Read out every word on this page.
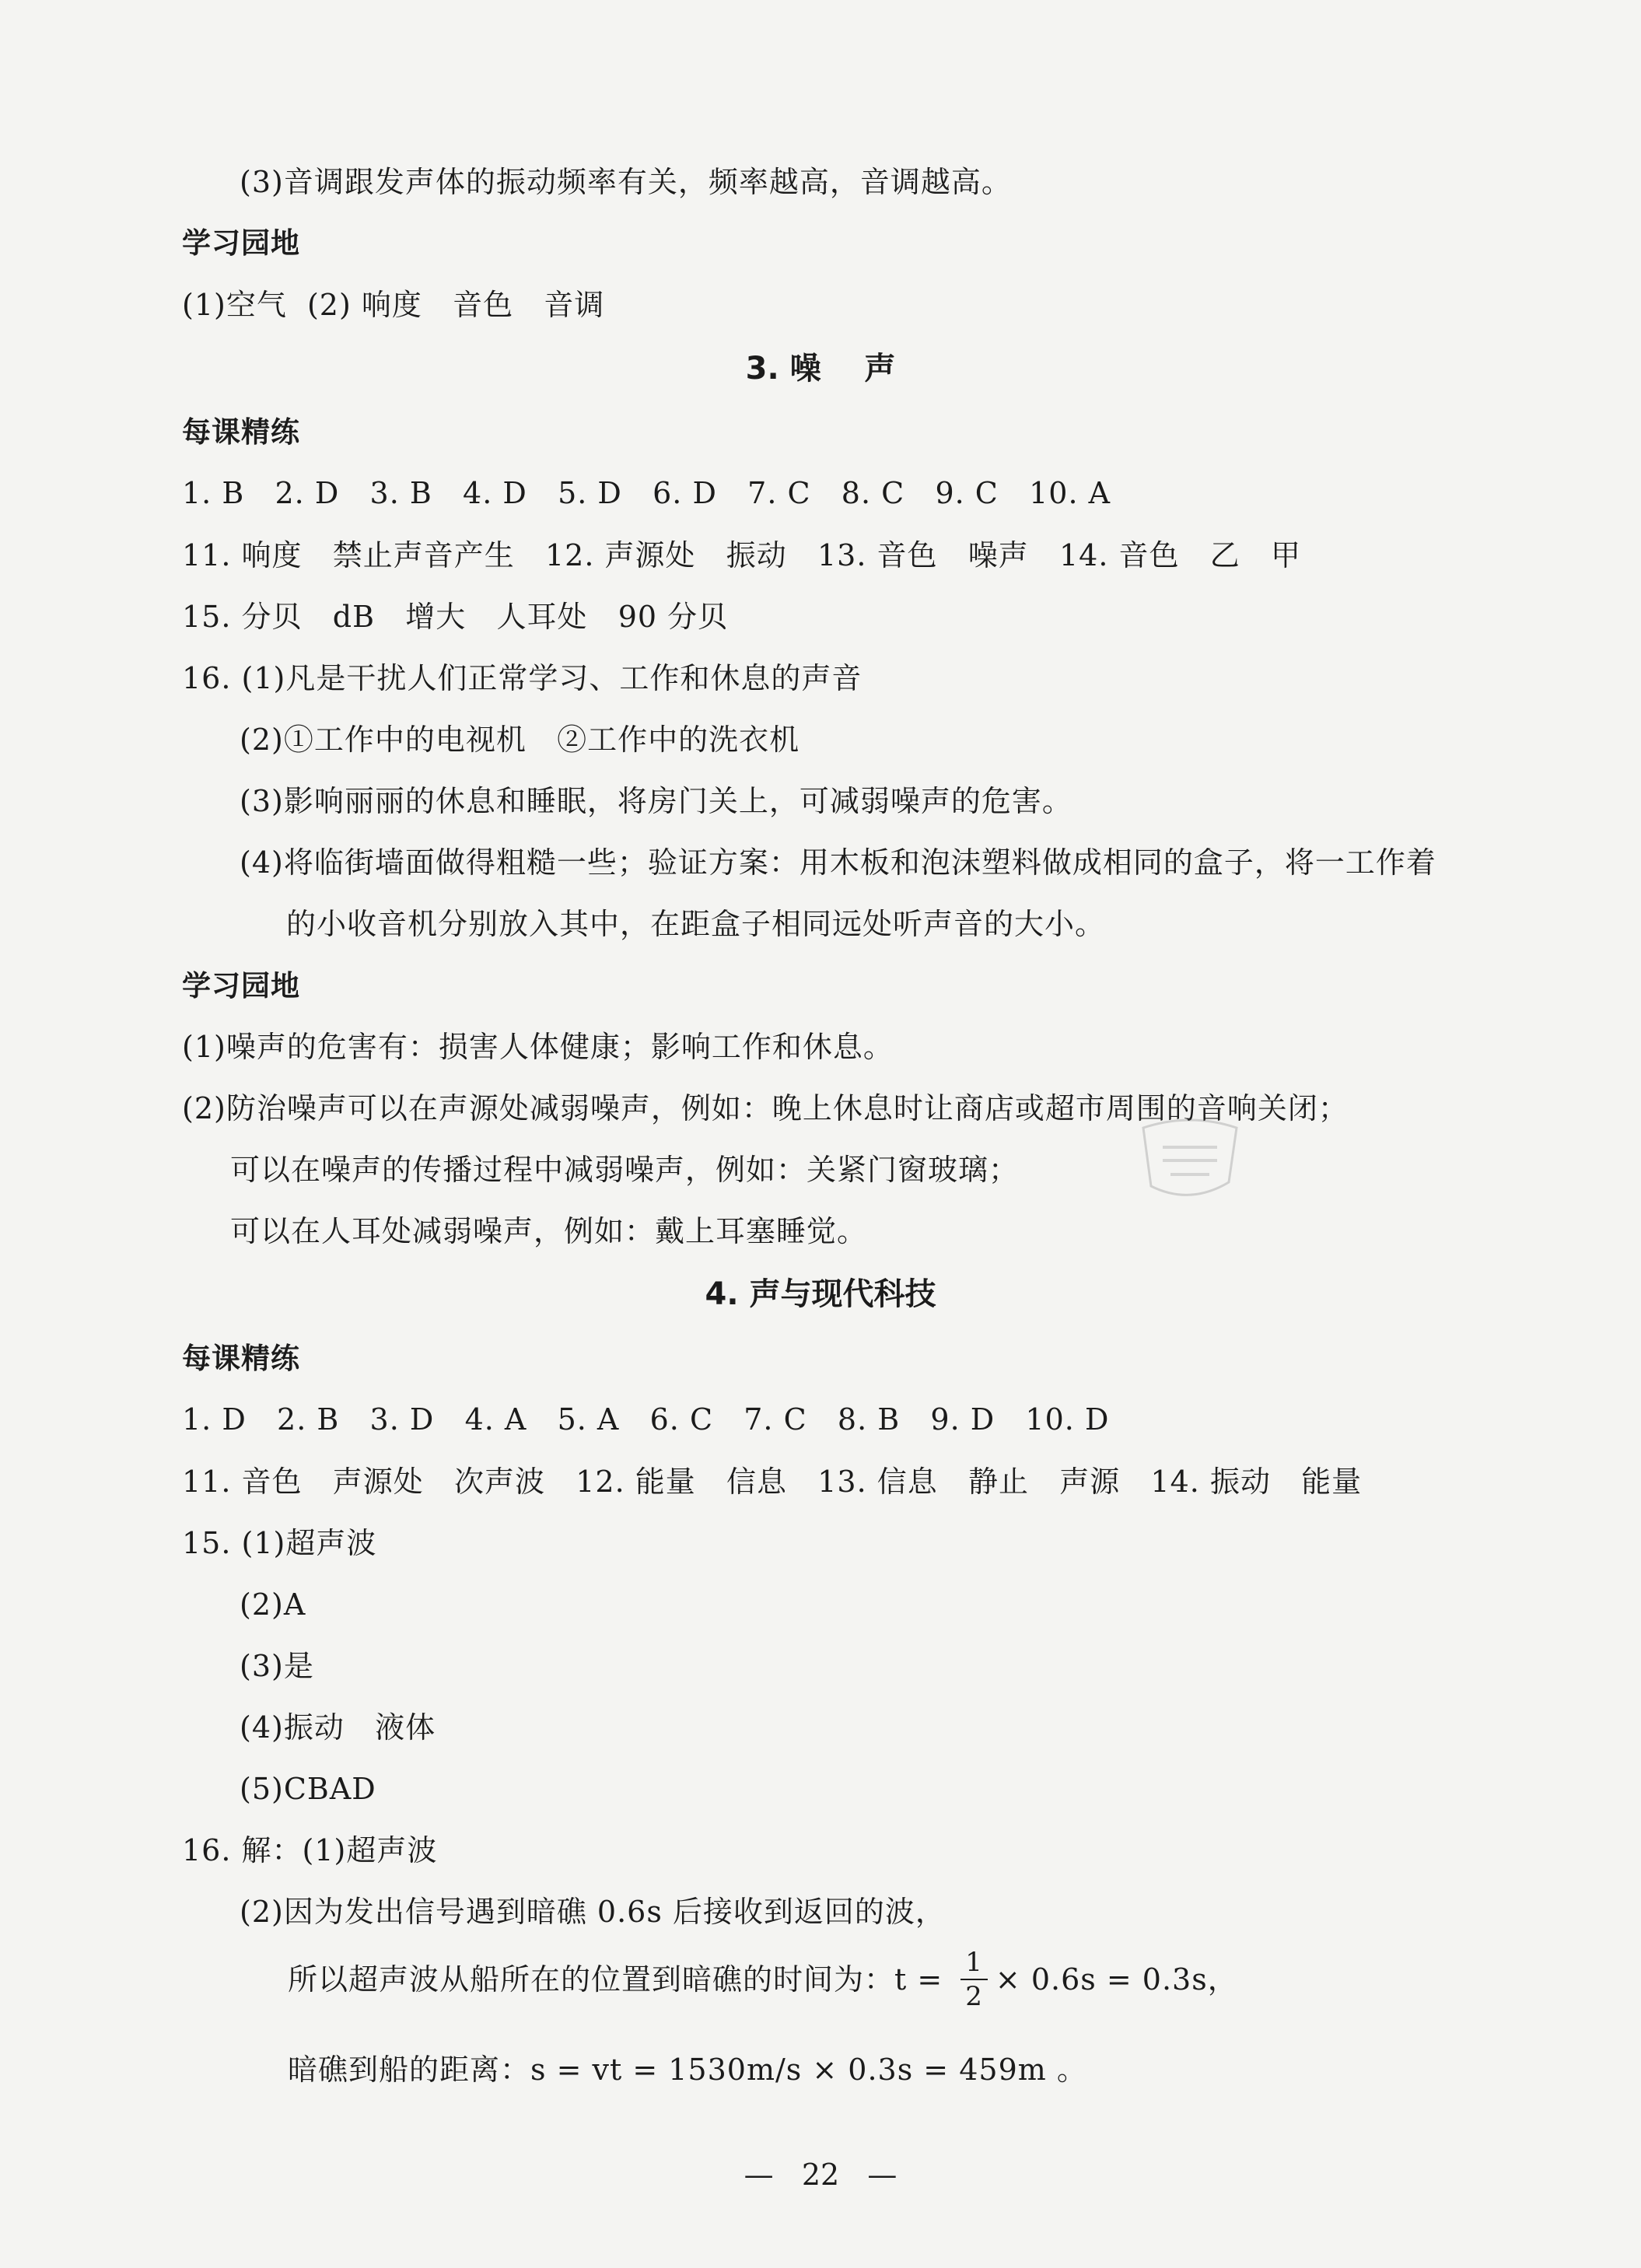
(3)音调跟发声体的振动频率有关，频率越高，音调越高。
学习园地
(1)空气  (2) 响度   音色   音调
3. 噪    声
每课精练
1. B   2. D   3. B   4. D   5. D   6. D   7. C   8. C   9. C   10. A
11. 响度   禁止声音产生   12. 声源处   振动   13. 音色   噪声   14. 音色   乙   甲
15. 分贝   dB   增大   人耳处   90 分贝
16. (1)凡是干扰人们正常学习、工作和休息的声音
(2)①工作中的电视机   ②工作中的洗衣机
(3)影响丽丽的休息和睡眠，将房门关上，可减弱噪声的危害。
(4)将临街墙面做得粗糙一些；验证方案：用木板和泡沫塑料做成相同的盒子，将一工作着
的小收音机分别放入其中，在距盒子相同远处听声音的大小。
学习园地
(1)噪声的危害有：损害人体健康；影响工作和休息。
(2)防治噪声可以在声源处减弱噪声，例如：晚上休息时让商店或超市周围的音响关闭；
可以在噪声的传播过程中减弱噪声，例如：关紧门窗玻璃；
可以在人耳处减弱噪声，例如：戴上耳塞睡觉。
4. 声与现代科技
每课精练
1. D   2. B   3. D   4. A   5. A   6. C   7. C   8. B   9. D   10. D
11. 音色   声源处   次声波   12. 能量   信息   13. 信息   静止   声源   14. 振动   能量
15. (1)超声波
(2)A
(3)是
(4)振动   液体
(5)CBAD
16. 解：(1)超声波
(2)因为发出信号遇到暗礁 0.6s 后接收到返回的波，
所以超声波从船所在的位置到暗礁的时间为：$t = \frac{1}{2} \times 0.6s = 0.3s$，
暗礁到船的距离：s = vt = 1530m/s × 0.3s = 459m 。
—   22   —
